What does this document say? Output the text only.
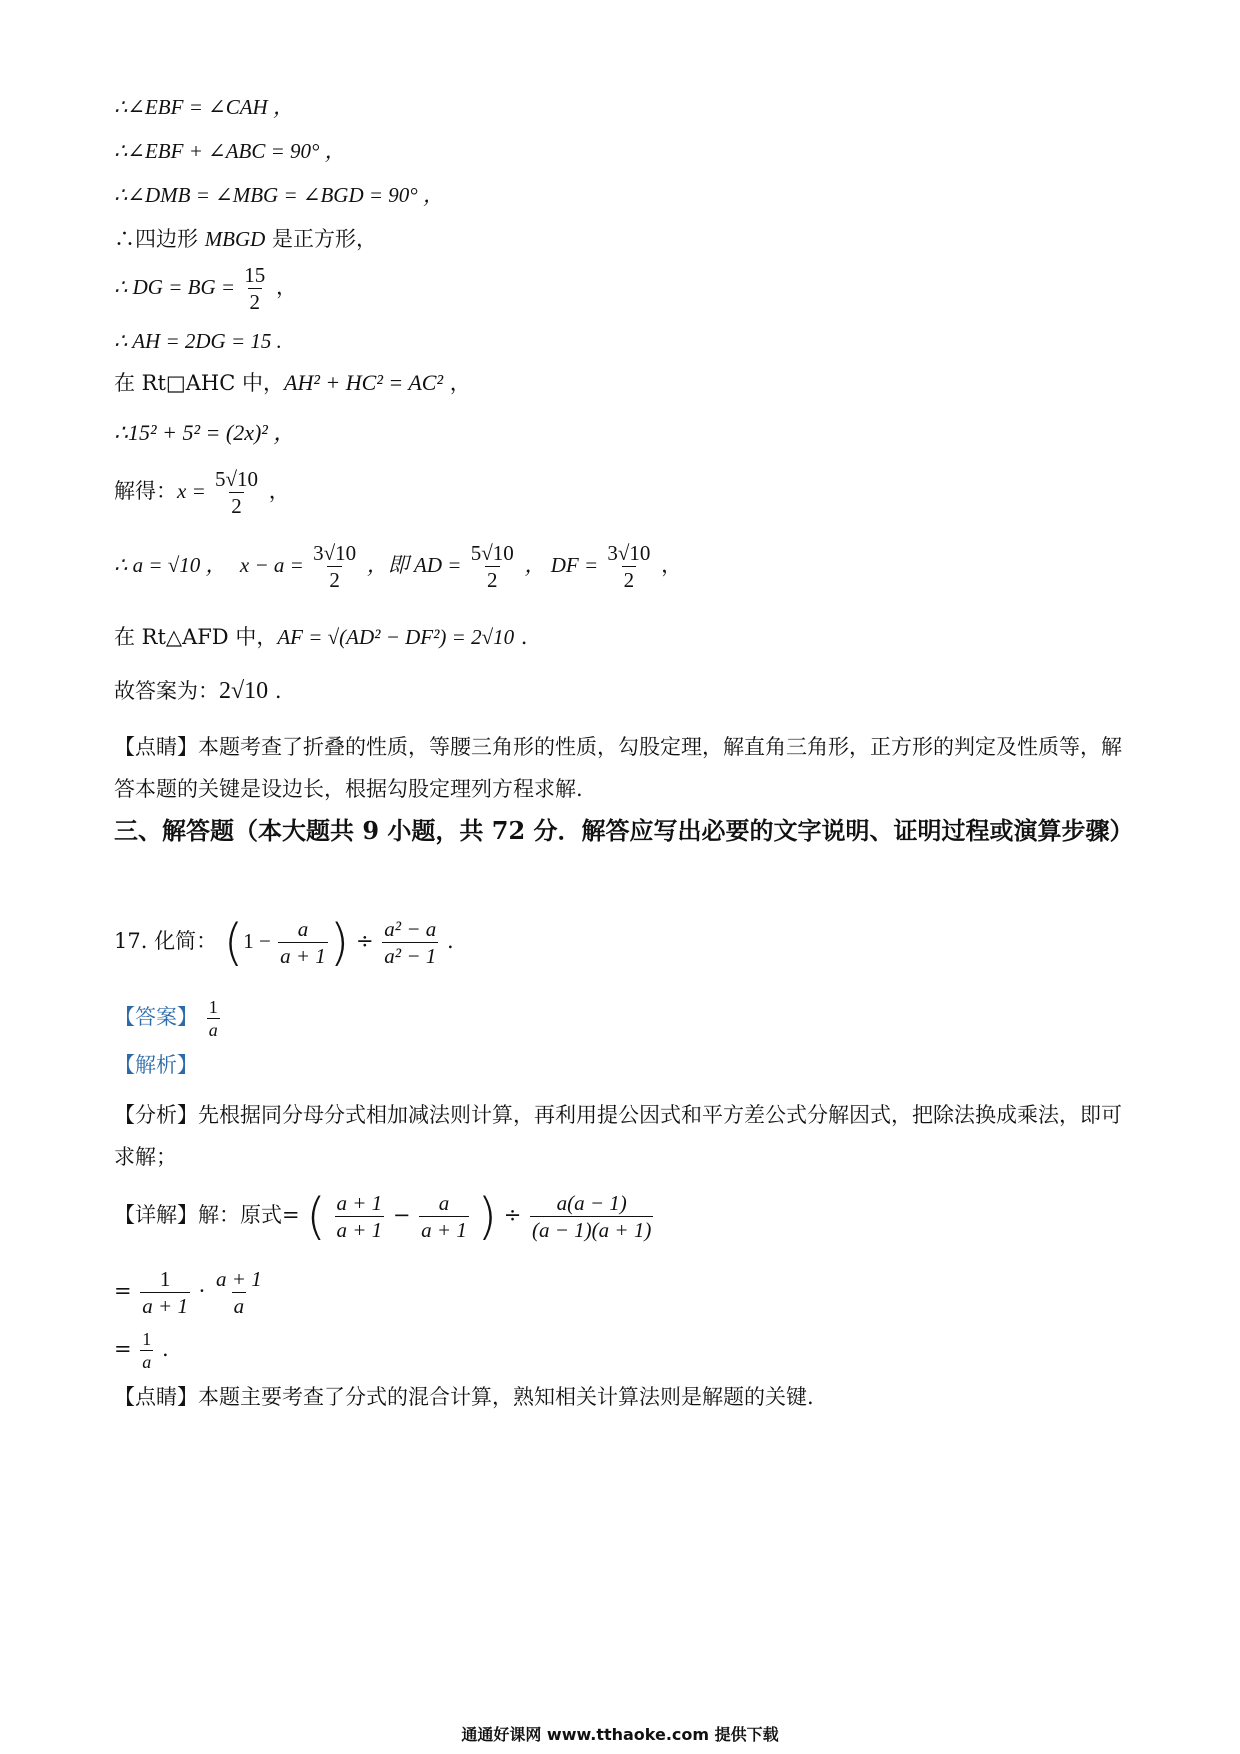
∴∠EBF = ∠CAH ，
∴∠EBF + ∠ABC = 90° ，
∴∠DMB = ∠MBG = ∠BGD = 90° ，
∴四边形 MBGD 是正方形，
∴ DG = BG = $\frac{15}{2}$ ，
∴ AH = 2DG = 15 .
在 Rt□AHC 中，AH² + HC² = AC² ，
∴15² + 5² = (2x)² ，
解得：$x = \frac{5√10}{2}$ ，
∴ a = √10 ， $x - a = \frac{3√10}{2}$ ，即 AD = $\frac{5√10}{2}$ ， DF = $\frac{3√10}{2}$ ，
在 Rt△AFD 中，AF = √(AD² − DF²) = 2√10 .
故答案为：2√10 .
【点睛】本题考查了折叠的性质，等腰三角形的性质，勾股定理，解直角三角形，正方形的判定及性质等，解答本题的关键是设边长，根据勾股定理列方程求解.
三、解答题（本大题共 9 小题，共 72 分．解答应写出必要的文字说明、证明过程或演算步骤）
17. 化简： ($1 - \frac{a}{a + 1}$ ) ÷ $\frac{\text{a² − a}}{\text{a² − 1}}$ .
【答案】 $\frac{1}{a}$
【解析】
【分析】先根据同分母分式相加减法则计算，再利用提公因式和平方差公式分解因式，把除法换成乘法，即可求解；
【详解】解：原式= ( $\frac{a + 1}{a + 1} - \frac{a}{a + 1}$ ) ÷ $\frac{a(a - 1)}{(a - 1)(a + 1)}$
= $\frac{1}{a + 1} \cdot \frac{a + 1}{a}$
= $\frac{1}{a}$ .
【点睛】本题主要考查了分式的混合计算，熟知相关计算法则是解题的关键.
通通好课网 www.tthaoke.com 提供下载
